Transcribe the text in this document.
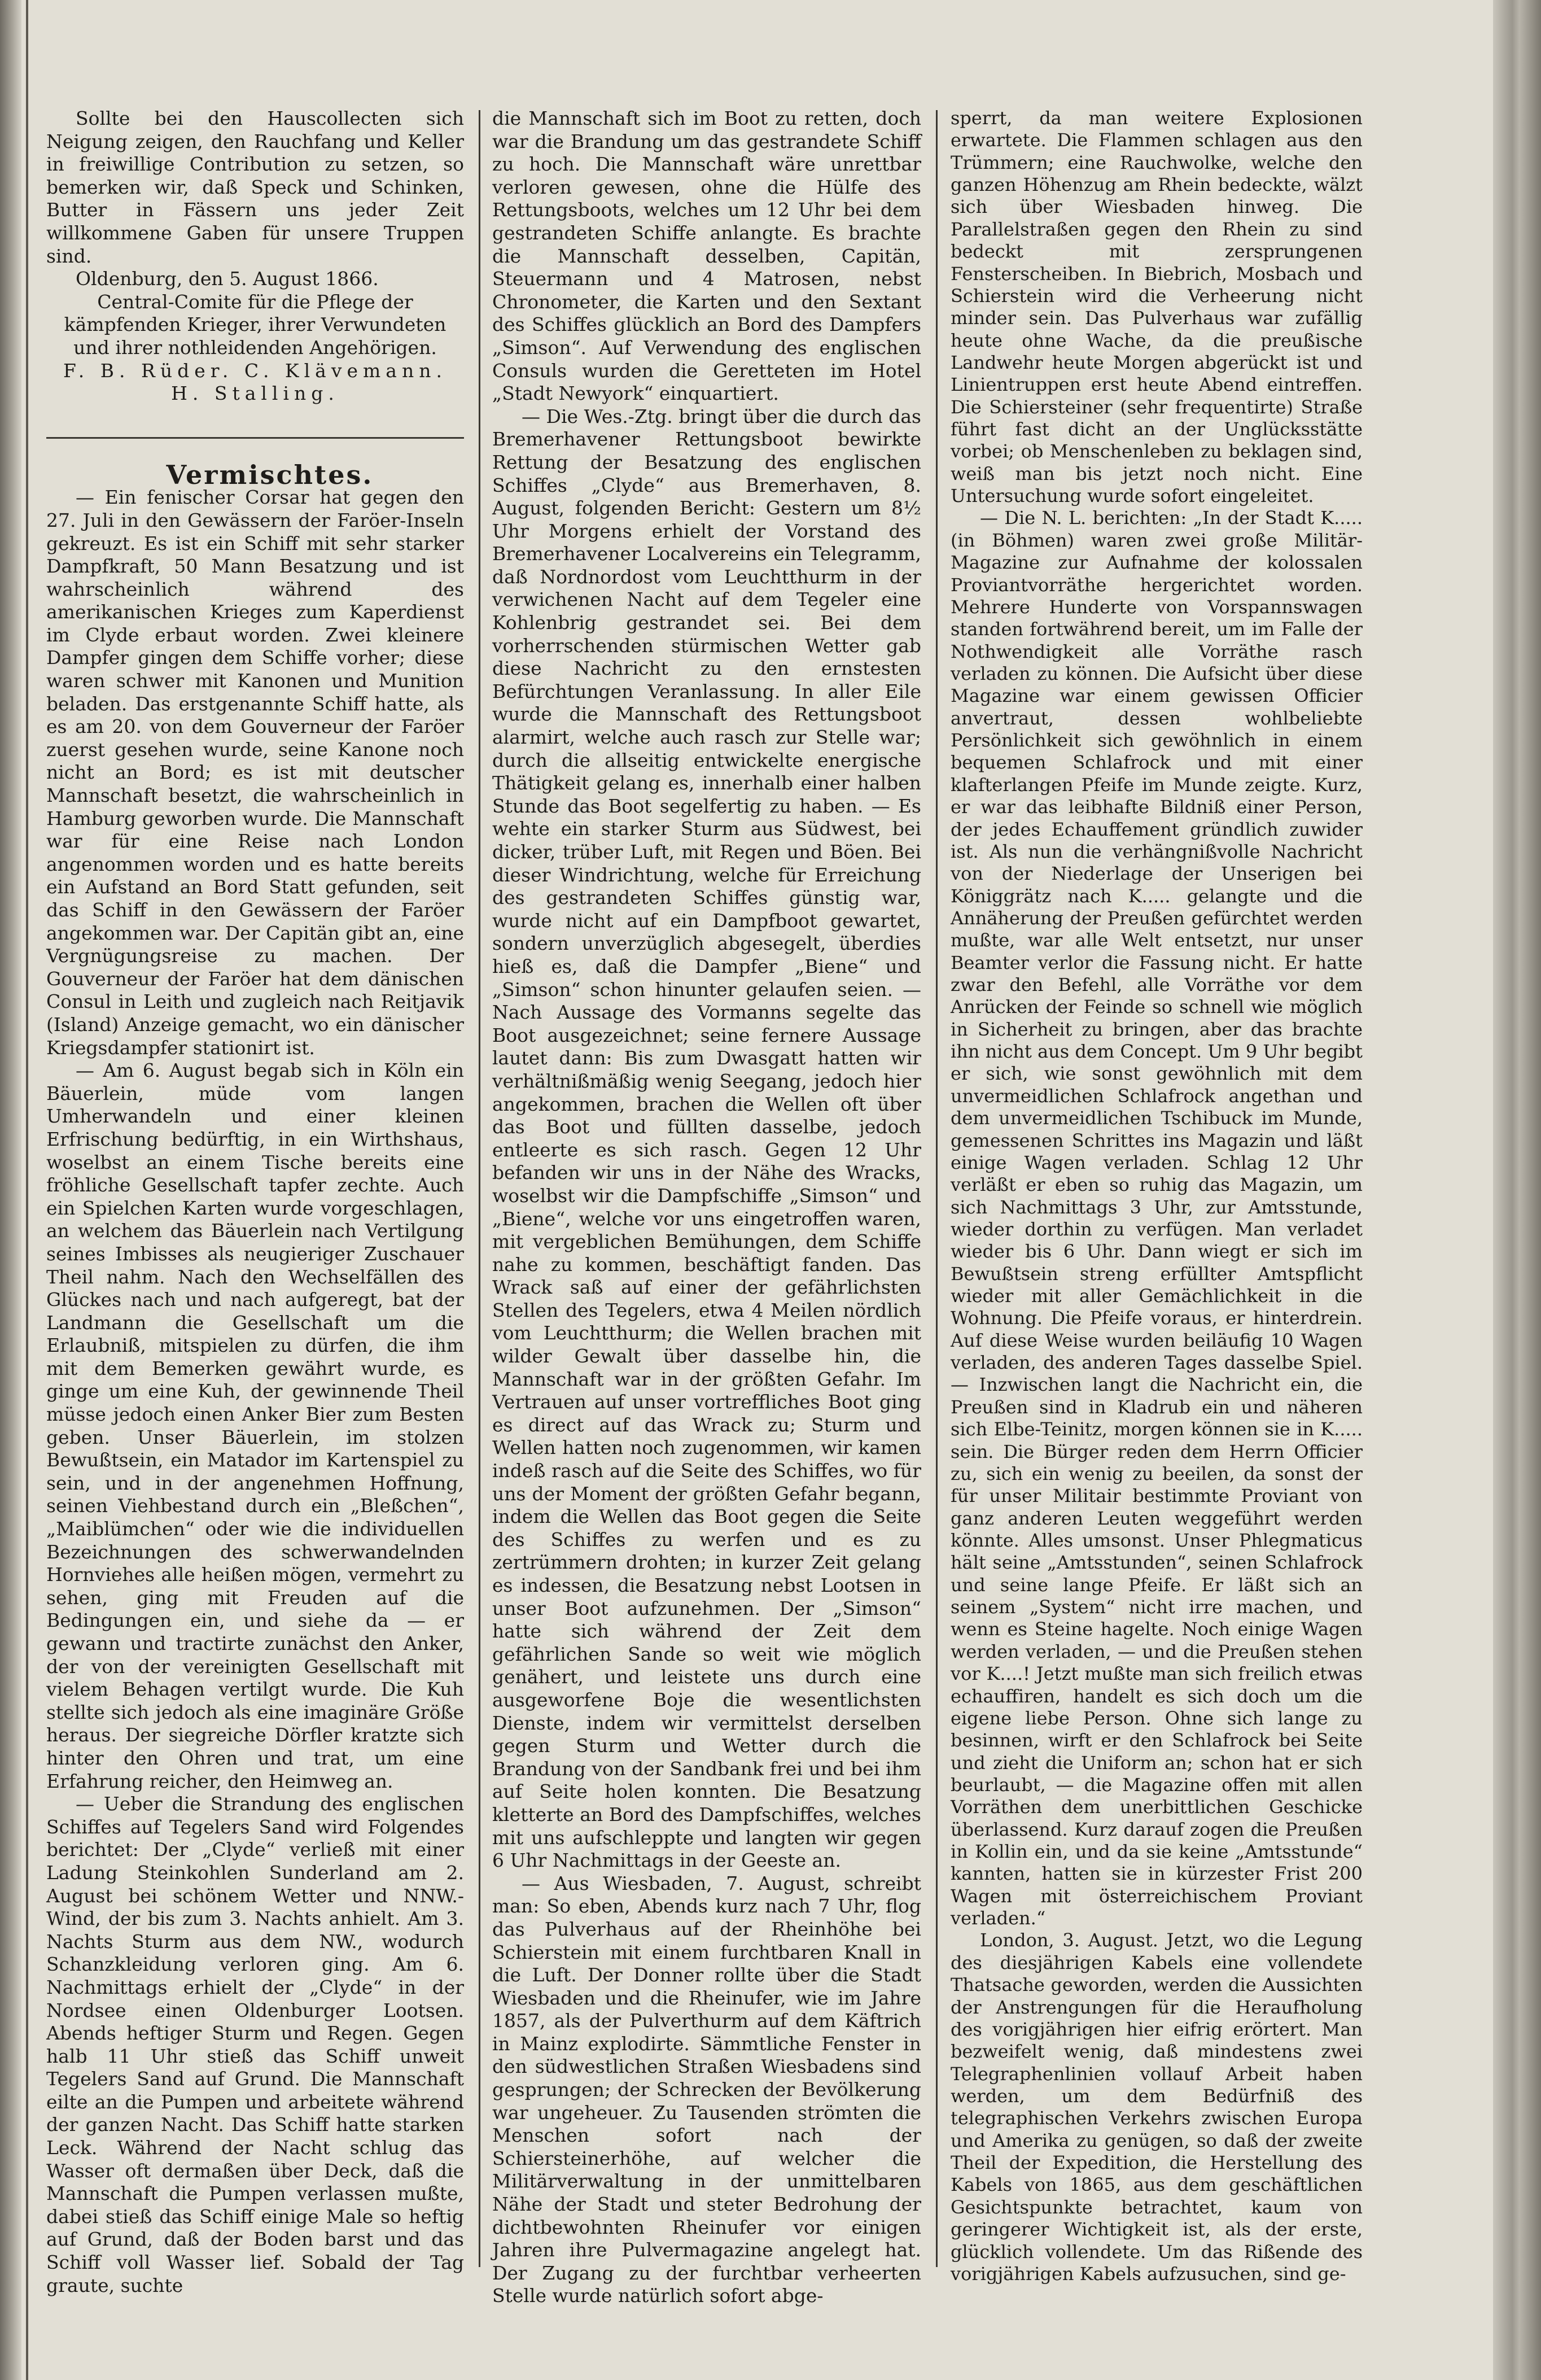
Sollte bei den Hauscollecten sich Neigung zeigen, den Rauchfang und Keller in freiwillige Contribution zu setzen, so bemerken wir, daß Speck und Schinken, Butter in Fässern uns jeder Zeit willkommene Gaben für unsere Truppen sind.

Oldenburg, den 5. August 1866.

Central-Comite für die Pflege der kämpfenden Krieger, ihrer Verwundeten und ihrer nothleidenden Angehörigen.

F. B. Rüder. C. Klävemann.

H. Stalling.

Vermischtes.

— Ein fenischer Corsar hat gegen den 27. Juli in den Gewässern der Faröer-Inseln gekreuzt. Es ist ein Schiff mit sehr starker Dampfkraft, 50 Mann Besatzung und ist wahrscheinlich während des amerikanischen Krieges zum Kaperdienst im Clyde erbaut worden. Zwei kleinere Dampfer gingen dem Schiffe vorher; diese waren schwer mit Kanonen und Munition beladen. Das erstgenannte Schiff hatte, als es am 20. von dem Gouverneur der Faröer zuerst gesehen wurde, seine Kanone noch nicht an Bord; es ist mit deutscher Mannschaft besetzt, die wahrscheinlich in Hamburg geworben wurde. Die Mannschaft war für eine Reise nach London angenommen worden und es hatte bereits ein Aufstand an Bord Statt gefunden, seit das Schiff in den Gewässern der Faröer angekommen war. Der Capitän gibt an, eine Vergnügungsreise zu machen. Der Gouverneur der Faröer hat dem dänischen Consul in Leith und zugleich nach Reitjavik (Island) Anzeige gemacht, wo ein dänischer Kriegsdampfer stationirt ist.

— Am 6. August begab sich in Köln ein Bäuerlein, müde vom langen Umherwandeln und einer kleinen Erfrischung bedürftig, in ein Wirthshaus, woselbst an einem Tische bereits eine fröhliche Gesellschaft tapfer zechte. Auch ein Spielchen Karten wurde vorgeschlagen, an welchem das Bäuerlein nach Vertilgung seines Imbisses als neugieriger Zuschauer Theil nahm. Nach den Wechselfällen des Glückes nach und nach aufgeregt, bat der Landmann die Gesellschaft um die Erlaubniß, mitspielen zu dürfen, die ihm mit dem Bemerken gewährt wurde, es ginge um eine Kuh, der gewinnende Theil müsse jedoch einen Anker Bier zum Besten geben. Unser Bäuerlein, im stolzen Bewußtsein, ein Matador im Kartenspiel zu sein, und in der angenehmen Hoffnung, seinen Viehbestand durch ein „Bleßchen“, „Maiblümchen“ oder wie die individuellen Bezeichnungen des schwerwandelnden Hornviehes alle heißen mögen, vermehrt zu sehen, ging mit Freuden auf die Bedingungen ein, und siehe da — er gewann und tractirte zunächst den Anker, der von der vereinigten Gesellschaft mit vielem Behagen vertilgt wurde. Die Kuh stellte sich jedoch als eine imaginäre Größe heraus. Der siegreiche Dörfler kratzte sich hinter den Ohren und trat, um eine Erfahrung reicher, den Heimweg an.

— Ueber die Strandung des englischen Schiffes auf Tegelers Sand wird Folgendes berichtet: Der „Clyde“ verließ mit einer Ladung Steinkohlen Sunderland am 2. August bei schönem Wetter und NNW.-Wind, der bis zum 3. Nachts anhielt. Am 3. Nachts Sturm aus dem NW., wodurch Schanzkleidung verloren ging. Am 6. Nachmittags erhielt der „Clyde“ in der Nordsee einen Oldenburger Lootsen. Abends heftiger Sturm und Regen. Gegen halb 11 Uhr stieß das Schiff unweit Tegelers Sand auf Grund. Die Mannschaft eilte an die Pumpen und arbeitete während der ganzen Nacht. Das Schiff hatte starken Leck. Während der Nacht schlug das Wasser oft dermaßen über Deck, daß die Mannschaft die Pumpen verlassen mußte, dabei stieß das Schiff einige Male so heftig auf Grund, daß der Boden barst und das Schiff voll Wasser lief. Sobald der Tag graute, suchte

die Mannschaft sich im Boot zu retten, doch war die Brandung um das gestrandete Schiff zu hoch. Die Mannschaft wäre unrettbar verloren gewesen, ohne die Hülfe des Rettungsboots, welches um 12 Uhr bei dem gestrandeten Schiffe anlangte. Es brachte die Mannschaft desselben, Capitän, Steuermann und 4 Matrosen, nebst Chronometer, die Karten und den Sextant des Schiffes glücklich an Bord des Dampfers „Simson“. Auf Verwendung des englischen Consuls wurden die Geretteten im Hotel „Stadt Newyork“ einquartiert.

— Die Wes.-Ztg. bringt über die durch das Bremerhavener Rettungsboot bewirkte Rettung der Besatzung des englischen Schiffes „Clyde“ aus Bremerhaven, 8. August, folgenden Bericht: Gestern um 8½ Uhr Morgens erhielt der Vorstand des Bremerhavener Localvereins ein Telegramm, daß Nordnordost vom Leuchtthurm in der verwichenen Nacht auf dem Tegeler eine Kohlenbrig gestrandet sei. Bei dem vorherrschenden stürmischen Wetter gab diese Nachricht zu den ernstesten Befürchtungen Veranlassung. In aller Eile wurde die Mannschaft des Rettungsboot alarmirt, welche auch rasch zur Stelle war; durch die allseitig entwickelte energische Thätigkeit gelang es, innerhalb einer halben Stunde das Boot segelfertig zu haben. — Es wehte ein starker Sturm aus Südwest, bei dicker, trüber Luft, mit Regen und Böen. Bei dieser Windrichtung, welche für Erreichung des gestrandeten Schiffes günstig war, wurde nicht auf ein Dampfboot gewartet, sondern unverzüglich abgesegelt, überdies hieß es, daß die Dampfer „Biene“ und „Simson“ schon hinunter gelaufen seien. — Nach Aussage des Vormanns segelte das Boot ausgezeichnet; seine fernere Aussage lautet dann: Bis zum Dwasgatt hatten wir verhältnißmäßig wenig Seegang, jedoch hier angekommen, brachen die Wellen oft über das Boot und füllten dasselbe, jedoch entleerte es sich rasch. Gegen 12 Uhr befanden wir uns in der Nähe des Wracks, woselbst wir die Dampfschiffe „Simson“ und „Biene“, welche vor uns eingetroffen waren, mit vergeblichen Bemühungen, dem Schiffe nahe zu kommen, beschäftigt fanden. Das Wrack saß auf einer der gefährlichsten Stellen des Tegelers, etwa 4 Meilen nördlich vom Leuchtthurm; die Wellen brachen mit wilder Gewalt über dasselbe hin, die Mannschaft war in der größten Gefahr. Im Vertrauen auf unser vortreffliches Boot ging es direct auf das Wrack zu; Sturm und Wellen hatten noch zugenommen, wir kamen indeß rasch auf die Seite des Schiffes, wo für uns der Moment der größten Gefahr begann, indem die Wellen das Boot gegen die Seite des Schiffes zu werfen und es zu zertrümmern drohten; in kurzer Zeit gelang es indessen, die Besatzung nebst Lootsen in unser Boot aufzunehmen. Der „Simson“ hatte sich während der Zeit dem gefährlichen Sande so weit wie möglich genähert, und leistete uns durch eine ausgeworfene Boje die wesentlichsten Dienste, indem wir vermittelst derselben gegen Sturm und Wetter durch die Brandung von der Sandbank frei und bei ihm auf Seite holen konnten. Die Besatzung kletterte an Bord des Dampfschiffes, welches mit uns aufschleppte und langten wir gegen 6 Uhr Nachmittags in der Geeste an.

— Aus Wiesbaden, 7. August, schreibt man: So eben, Abends kurz nach 7 Uhr, flog das Pulverhaus auf der Rheinhöhe bei Schierstein mit einem furchtbaren Knall in die Luft. Der Donner rollte über die Stadt Wiesbaden und die Rheinufer, wie im Jahre 1857, als der Pulverthurm auf dem Käftrich in Mainz explodirte. Sämmtliche Fenster in den südwestlichen Straßen Wiesbadens sind gesprungen; der Schrecken der Bevölkerung war ungeheuer. Zu Tausenden strömten die Menschen sofort nach der Schiersteinerhöhe, auf welcher die Militärverwaltung in der unmittelbaren Nähe der Stadt und steter Bedrohung der dichtbewohnten Rheinufer vor einigen Jahren ihre Pulvermagazine angelegt hat. Der Zugang zu der furchtbar verheerten Stelle wurde natürlich sofort abge-

sperrt, da man weitere Explosionen erwartete. Die Flammen schlagen aus den Trümmern; eine Rauchwolke, welche den ganzen Höhenzug am Rhein bedeckte, wälzt sich über Wiesbaden hinweg. Die Parallelstraßen gegen den Rhein zu sind bedeckt mit zersprungenen Fensterscheiben. In Biebrich, Mosbach und Schierstein wird die Verheerung nicht minder sein. Das Pulverhaus war zufällig heute ohne Wache, da die preußische Landwehr heute Morgen abgerückt ist und Linientruppen erst heute Abend eintreffen. Die Schiersteiner (sehr frequentirte) Straße führt fast dicht an der Unglücksstätte vorbei; ob Menschenleben zu beklagen sind, weiß man bis jetzt noch nicht. Eine Untersuchung wurde sofort eingeleitet.

— Die N. L. berichten: „In der Stadt K..... (in Böhmen) waren zwei große Militär-Magazine zur Aufnahme der kolossalen Proviantvorräthe hergerichtet worden. Mehrere Hunderte von Vorspannswagen standen fortwährend bereit, um im Falle der Nothwendigkeit alle Vorräthe rasch verladen zu können. Die Aufsicht über diese Magazine war einem gewissen Officier anvertraut, dessen wohlbeliebte Persönlichkeit sich gewöhnlich in einem bequemen Schlafrock und mit einer klafterlangen Pfeife im Munde zeigte. Kurz, er war das leibhafte Bildniß einer Person, der jedes Echauffement gründlich zuwider ist. Als nun die verhängnißvolle Nachricht von der Niederlage der Unserigen bei Königgrätz nach K..... gelangte und die Annäherung der Preußen gefürchtet werden mußte, war alle Welt entsetzt, nur unser Beamter verlor die Fassung nicht. Er hatte zwar den Befehl, alle Vorräthe vor dem Anrücken der Feinde so schnell wie möglich in Sicherheit zu bringen, aber das brachte ihn nicht aus dem Concept. Um 9 Uhr begibt er sich, wie sonst gewöhnlich mit dem unvermeidlichen Schlafrock angethan und dem unvermeidlichen Tschibuck im Munde, gemessenen Schrittes ins Magazin und läßt einige Wagen verladen. Schlag 12 Uhr verläßt er eben so ruhig das Magazin, um sich Nachmittags 3 Uhr, zur Amtsstunde, wieder dorthin zu verfügen. Man verladet wieder bis 6 Uhr. Dann wiegt er sich im Bewußtsein streng erfüllter Amtspflicht wieder mit aller Gemächlichkeit in die Wohnung. Die Pfeife voraus, er hinterdrein. Auf diese Weise wurden beiläufig 10 Wagen verladen, des anderen Tages dasselbe Spiel. — Inzwischen langt die Nachricht ein, die Preußen sind in Kladrub ein und näheren sich Elbe-Teinitz, morgen können sie in K..... sein. Die Bürger reden dem Herrn Officier zu, sich ein wenig zu beeilen, da sonst der für unser Militair bestimmte Proviant von ganz anderen Leuten weggeführt werden könnte. Alles umsonst. Unser Phlegmaticus hält seine „Amtsstunden“, seinen Schlafrock und seine lange Pfeife. Er läßt sich an seinem „System“ nicht irre machen, und wenn es Steine hagelte. Noch einige Wagen werden verladen, — und die Preußen stehen vor K....! Jetzt mußte man sich freilich etwas echauffiren, handelt es sich doch um die eigene liebe Person. Ohne sich lange zu besinnen, wirft er den Schlafrock bei Seite und zieht die Uniform an; schon hat er sich beurlaubt, — die Magazine offen mit allen Vorräthen dem unerbittlichen Geschicke überlassend. Kurz darauf zogen die Preußen in Kollin ein, und da sie keine „Amtsstunde“ kannten, hatten sie in kürzester Frist 200 Wagen mit österreichischem Proviant verladen.“

London, 3. August. Jetzt, wo die Legung des diesjährigen Kabels eine vollendete Thatsache geworden, werden die Aussichten der Anstrengungen für die Heraufholung des vorigjährigen hier eifrig erörtert. Man bezweifelt wenig, daß mindestens zwei Telegraphenlinien vollauf Arbeit haben werden, um dem Bedürfniß des telegraphischen Verkehrs zwischen Europa und Amerika zu genügen, so daß der zweite Theil der Expedition, die Herstellung des Kabels von 1865, aus dem geschäftlichen Gesichtspunkte betrachtet, kaum von geringerer Wichtigkeit ist, als der erste, glücklich vollendete. Um das Rißende des vorigjährigen Kabels aufzusuchen, sind ge-
